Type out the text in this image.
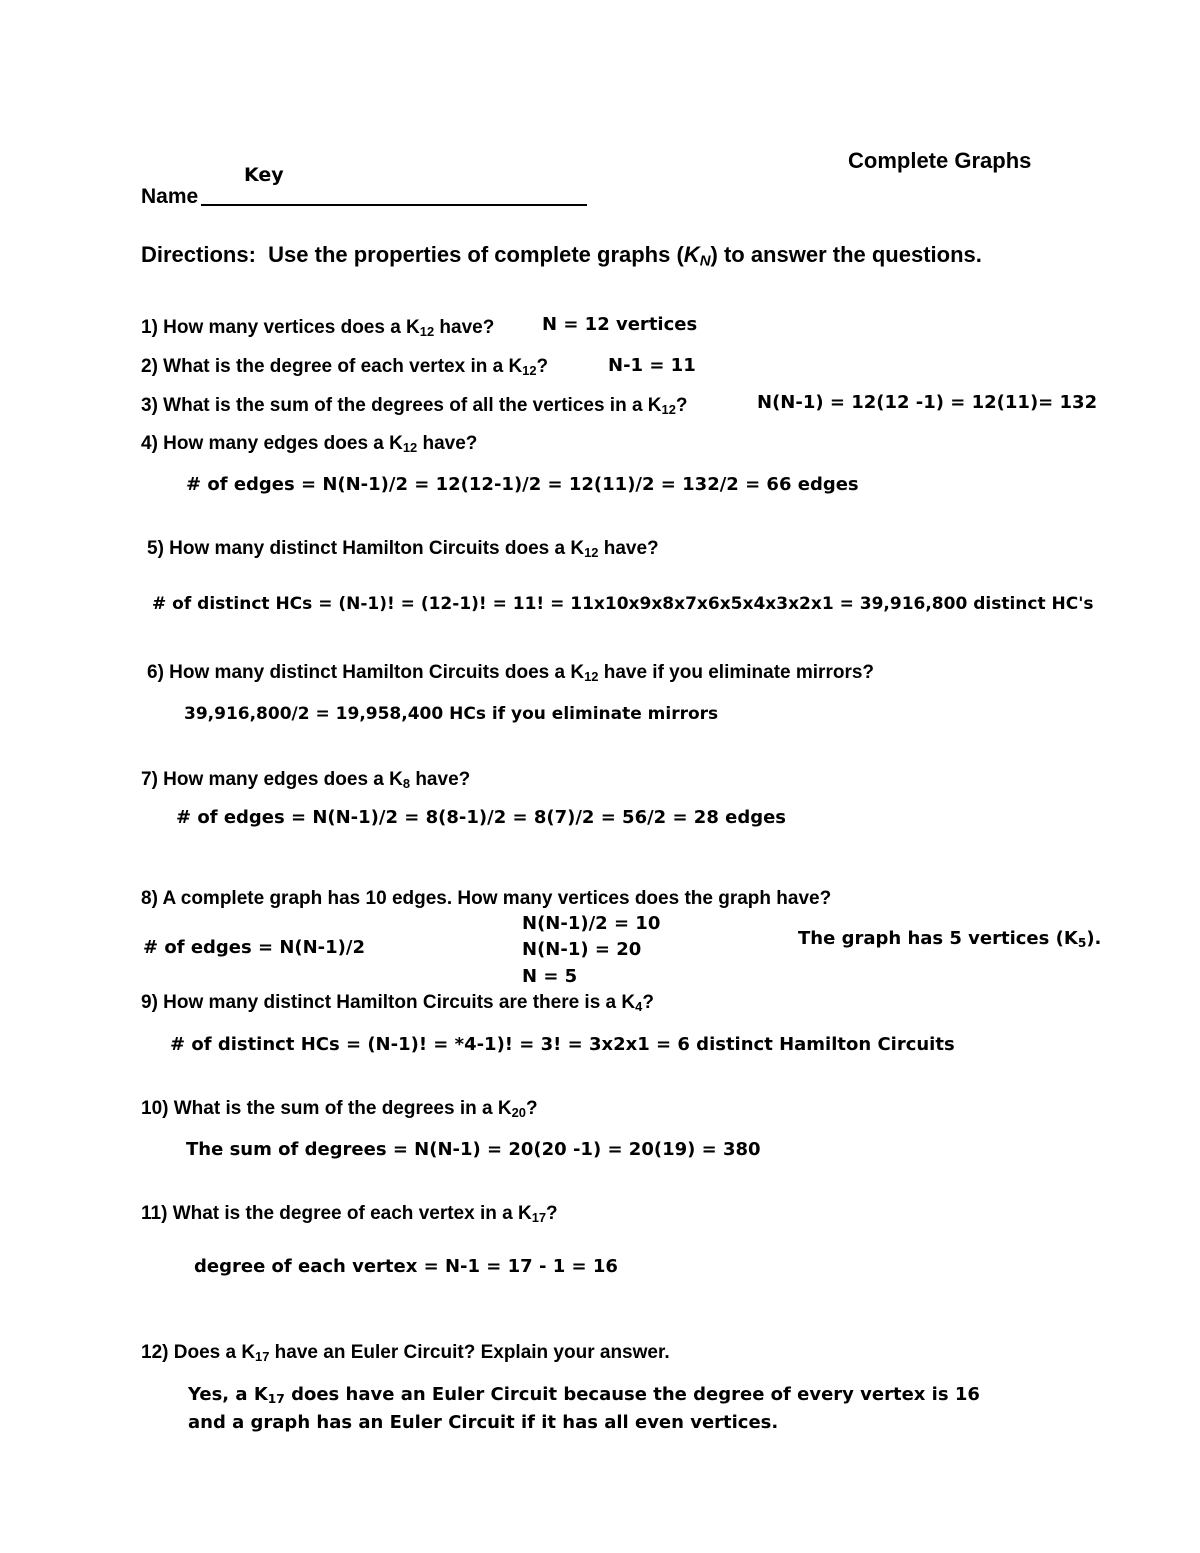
Complete Graphs
Key
Name
Directions: Use the properties of complete graphs $(K_N)$ to answer the questions.
1) How many vertices does a $K_{12}$ have?	N = 12 vertices
2) What is the degree of each vertex in a $K_{12}$?	N-1 = 11
3) What is the sum of the degrees of all the vertices in a $K_{12}$?	N(N-1) = 12(12 -1) = 12(11)= 132
4) How many edges does a $K_{12}$ have?
# of edges = N(N-1)/2 = 12(12-1)/2 = 12(11)/2 = 132/2 = 66 edges
5) How many distinct Hamilton Circuits does a $K_{12}$ have?
# of distinct HCs = (N-1)! = (12-1)! = 11! = 11x10x9x8x7x6x5x4x3x2x1 = 39,916,800 distinct HC's
6) How many distinct Hamilton Circuits does a $K_{12}$ have if you eliminate mirrors?
39,916,800/2 = 19,958,400 HCs if you eliminate mirrors
7) How many edges does a $K_8$ have?
# of edges = N(N-1)/2 = 8(8-1)/2 = 8(7)/2 = 56/2 = 28 edges
8) A complete graph has 10 edges. How many vertices does the graph have?
# of edges = N(N-1)/2
N(N-1)/2 = 10
N(N-1) = 20
N = 5
The graph has 5 vertices $(K_5)$.
9) How many distinct Hamilton Circuits are there is a $K_4$?
# of distinct HCs = (N-1)! = *4-1)! = 3! = 3x2x1 = 6 distinct Hamilton Circuits
10) What is the sum of the degrees in a $K_{20}$?
The sum of degrees = N(N-1) = 20(20 -1) = 20(19) = 380
11) What is the degree of each vertex in a $K_{17}$?
degree of each vertex = N-1 = 17 - 1 = 16
12) Does a $K_{17}$ have an Euler Circuit? Explain your answer.
Yes, a $K_{17}$ does have an Euler Circuit because the degree of every vertex is 16
and a graph has an Euler Circuit if it has all even vertices.
